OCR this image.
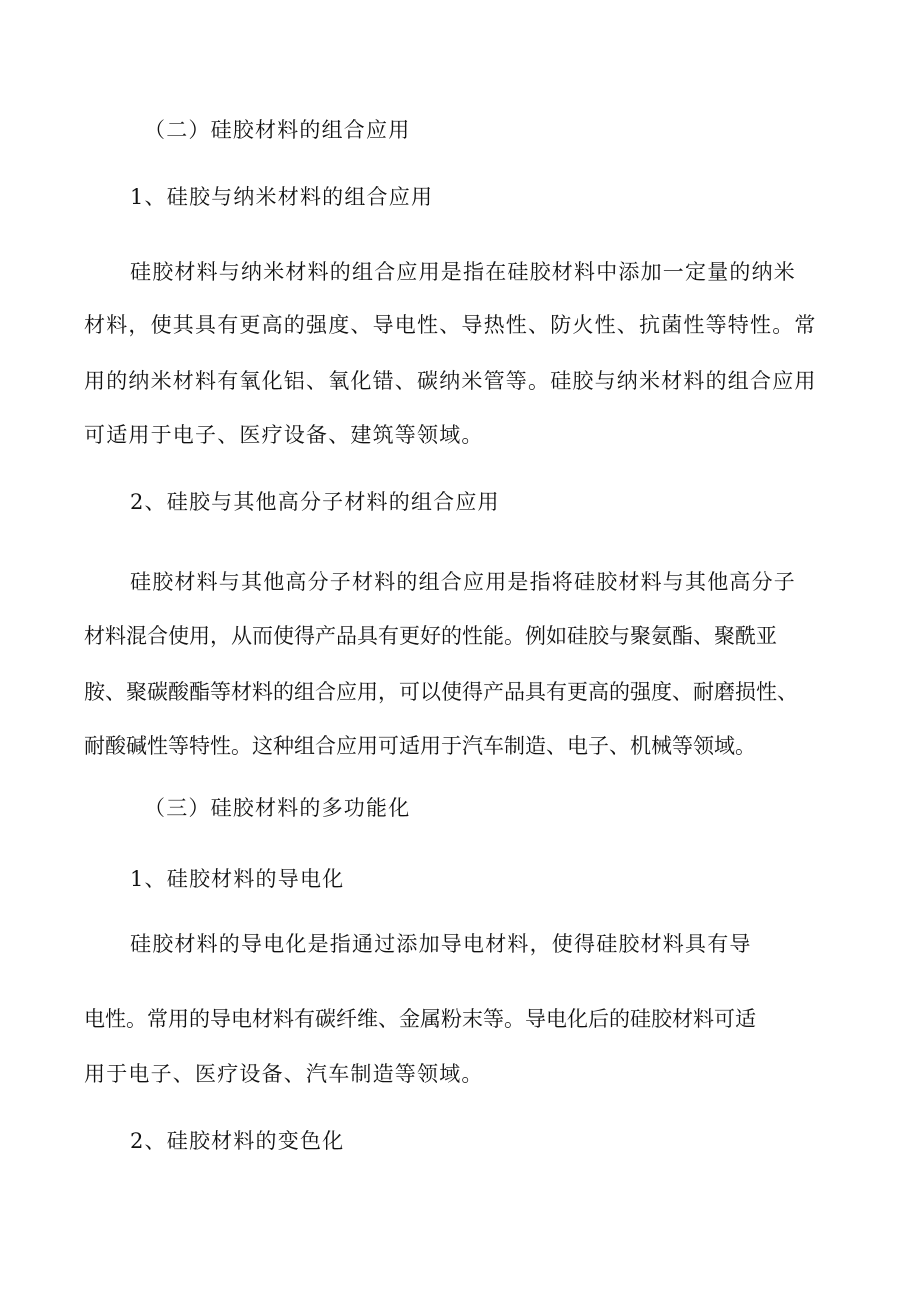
（二）硅胶材料的组合应用
1、硅胶与纳米材料的组合应用
硅胶材料与纳米材料的组合应用是指在硅胶材料中添加一定量的纳米
材料，使其具有更高的强度、导电性、导热性、防火性、抗菌性等特性。常
用的纳米材料有氧化铝、氧化错、碳纳米管等。硅胶与纳米材料的组合应用
可适用于电子、医疗设备、建筑等领域。
2、硅胶与其他高分子材料的组合应用
硅胶材料与其他高分子材料的组合应用是指将硅胶材料与其他高分子
材料混合使用，从而使得产品具有更好的性能。例如硅胶与聚氨酯、聚酰亚
胺、聚碳酸酯等材料的组合应用，可以使得产品具有更高的强度、耐磨损性、
耐酸碱性等特性。这种组合应用可适用于汽车制造、电子、机械等领域。
（三）硅胶材料的多功能化
1、硅胶材料的导电化
硅胶材料的导电化是指通过添加导电材料，使得硅胶材料具有导
电性。常用的导电材料有碳纤维、金属粉末等。导电化后的硅胶材料可适
用于电子、医疗设备、汽车制造等领域。
2、硅胶材料的变色化
